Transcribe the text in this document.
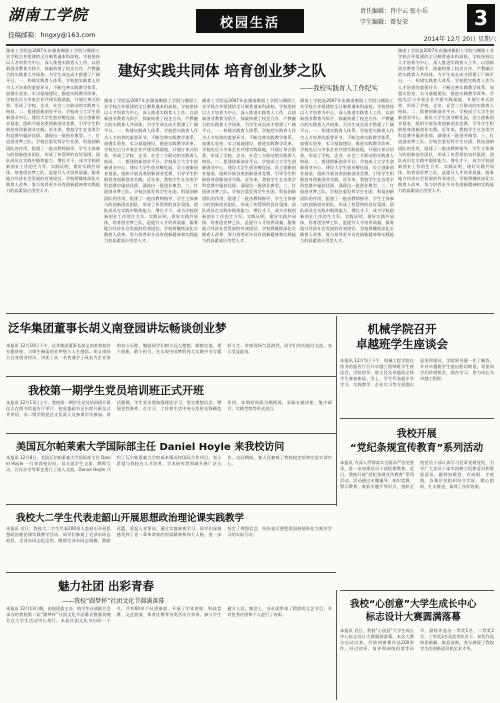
湖南工学院
投稿邮箱：hngxy@163.com
校园生活
责任编辑：肖中云 张小乐
学生编辑：曾发荣	3
2014年 12月 20日 星期六
建好实践共同体 培育创业梦之队
——我校实践育人工作纪实
湖南工学院是2007年由湖南衡阳工学院与衡阳工业学校合并组建的全日制普通本科高校。学校坚持以人才培养为中心，深入推进实践育人工作，以创新创业教育为抓手，探索构建了校企合作、产教融合的实践育人共同体，为学生成长成才搭建了广阔平台。一、构建实践育人体系。学校把实践育人作为人才培养的重要环节，不断完善实践教学体系，加强实验室、实习基地建设，推进实践教学改革。学校先后与多家企业共建实践基地，开展订单式培养，形成了学校、企业、社会三方联动的实践育人格局。二、搭建创新创业平台。学校成立大学生创新创业中心，建设大学生创业孵化园，设立创新创业基金，组织开展各类创新创业竞赛，引导学生积极投身创新创业实践。近年来，我校学生在各类学科竞赛中屡获佳绩，涌现出一批创业典型。三、打造创业梦之队。学校注重发挥学生社团、科技创新团队的作用，组建了一批由教师指导、学生主体参与的创新创业团队，形成了传帮带的良好氛围。团队成员在实践中锻炼能力、增长才干，成为学校创新创业工作的生力军。实践证明，建好实践共同体，培育创业梦之队，是提升人才培养质量、服务地方经济社会发展的有效途径。学校将继续深化实践育人改革，努力培养更多具有创新精神和实践能力的高素质应用型人才。
湖南工学院是2007年由湖南衡阳工学院与衡阳工业学校合并组建的全日制普通本科高校。学校坚持以人才培养为中心，深入推进实践育人工作，以创新创业教育为抓手，探索构建了校企合作、产教融合的实践育人共同体，为学生成长成才搭建了广阔平台。一、构建实践育人体系。学校把实践育人作为人才培养的重要环节，不断完善实践教学体系，加强实验室、实习基地建设，推进实践教学改革。学校先后与多家企业共建实践基地，开展订单式培养，形成了学校、企业、社会三方联动的实践育人格局。二、搭建创新创业平台。学校成立大学生创新创业中心，建设大学生创业孵化园，设立创新创业基金，组织开展各类创新创业竞赛，引导学生积极投身创新创业实践。近年来，我校学生在各类学科竞赛中屡获佳绩，涌现出一批创业典型。三、打造创业梦之队。学校注重发挥学生社团、科技创新团队的作用，组建了一批由教师指导、学生主体参与的创新创业团队，形成了传帮带的良好氛围。团队成员在实践中锻炼能力、增长才干，成为学校创新创业工作的生力军。实践证明，建好实践共同体，培育创业梦之队，是提升人才培养质量、服务地方经济社会发展的有效途径。学校将继续深化实践育人改革，努力培养更多具有创新精神和实践能力的高素质应用型人才。
湖南工学院是2007年由湖南衡阳工学院与衡阳工业学校合并组建的全日制普通本科高校。学校坚持以人才培养为中心，深入推进实践育人工作，以创新创业教育为抓手，探索构建了校企合作、产教融合的实践育人共同体，为学生成长成才搭建了广阔平台。一、构建实践育人体系。学校把实践育人作为人才培养的重要环节，不断完善实践教学体系，加强实验室、实习基地建设，推进实践教学改革。学校先后与多家企业共建实践基地，开展订单式培养，形成了学校、企业、社会三方联动的实践育人格局。二、搭建创新创业平台。学校成立大学生创新创业中心，建设大学生创业孵化园，设立创新创业基金，组织开展各类创新创业竞赛，引导学生积极投身创新创业实践。近年来，我校学生在各类学科竞赛中屡获佳绩，涌现出一批创业典型。三、打造创业梦之队。学校注重发挥学生社团、科技创新团队的作用，组建了一批由教师指导、学生主体参与的创新创业团队，形成了传帮带的良好氛围。团队成员在实践中锻炼能力、增长才干，成为学校创新创业工作的生力军。实践证明，建好实践共同体，培育创业梦之队，是提升人才培养质量、服务地方经济社会发展的有效途径。学校将继续深化实践育人改革，努力培养更多具有创新精神和实践能力的高素质应用型人才。
湖南工学院是2007年由湖南衡阳工学院与衡阳工业学校合并组建的全日制普通本科高校。学校坚持以人才培养为中心，深入推进实践育人工作，以创新创业教育为抓手，探索构建了校企合作、产教融合的实践育人共同体，为学生成长成才搭建了广阔平台。一、构建实践育人体系。学校把实践育人作为人才培养的重要环节，不断完善实践教学体系，加强实验室、实习基地建设，推进实践教学改革。学校先后与多家企业共建实践基地，开展订单式培养，形成了学校、企业、社会三方联动的实践育人格局。二、搭建创新创业平台。学校成立大学生创新创业中心，建设大学生创业孵化园，设立创新创业基金，组织开展各类创新创业竞赛，引导学生积极投身创新创业实践。近年来，我校学生在各类学科竞赛中屡获佳绩，涌现出一批创业典型。三、打造创业梦之队。学校注重发挥学生社团、科技创新团队的作用，组建了一批由教师指导、学生主体参与的创新创业团队，形成了传帮带的良好氛围。团队成员在实践中锻炼能力、增长才干，成为学校创新创业工作的生力军。实践证明，建好实践共同体，培育创业梦之队，是提升人才培养质量、服务地方经济社会发展的有效途径。学校将继续深化实践育人改革，努力培养更多具有创新精神和实践能力的高素质应用型人才。
湖南工学院是2007年由湖南衡阳工学院与衡阳工业学校合并组建的全日制普通本科高校。学校坚持以人才培养为中心，深入推进实践育人工作，以创新创业教育为抓手，探索构建了校企合作、产教融合的实践育人共同体，为学生成长成才搭建了广阔平台。一、构建实践育人体系。学校把实践育人作为人才培养的重要环节，不断完善实践教学体系，加强实验室、实习基地建设，推进实践教学改革。学校先后与多家企业共建实践基地，开展订单式培养，形成了学校、企业、社会三方联动的实践育人格局。二、搭建创新创业平台。学校成立大学生创新创业中心，建设大学生创业孵化园，设立创新创业基金，组织开展各类创新创业竞赛，引导学生积极投身创新创业实践。近年来，我校学生在各类学科竞赛中屡获佳绩，涌现出一批创业典型。三、打造创业梦之队。学校注重发挥学生社团、科技创新团队的作用，组建了一批由教师指导、学生主体参与的创新创业团队，形成了传帮带的良好氛围。团队成员在实践中锻炼能力、增长才干，成为学校创新创业工作的生力军。实践证明，建好实践共同体，培育创业梦之队，是提升人才培养质量、服务地方经济社会发展的有效途径。学校将继续深化实践育人改革，努力培养更多具有创新精神和实践能力的高素质应用型人才。
泛华集团董事长胡义南登园讲坛畅谈创业梦
本报讯 12月10日下午，泛华集团董事长胡义南来我校作专题讲座，与师生畅谈创业梦想与人生感悟。胡义南结合自身创业经历，讲述了从一名普通学子成长为企业家的奋斗历程，勉励同学们树立远大理想，脚踏实地，勇于创新，敢于担当，在实现中国梦的伟大实践中书写精彩人生。讲座现场气氛热烈，同学们纷纷提问交流，表示受益匪浅。
机械学院召开
卓越班学生座谈会
本报讯 12月5日下午，机械工程学院在图书馆报告厅召开卓越工程师班学生座谈会。学院领导、班主任及卓越班全体学生参加座谈。会上，学生代表就专业学习、实践教学、企业实习等方面提出意见和建议，学院领导逐一作了解答，并对卓越班学生提出殷切期望，希望同学们珍惜机会，刻苦学习，努力成长为卓越工程师。
我校第一期学生党员培训班正式开班
本报讯 12月13日上午，我校第一期学生党员培训班开班仪式在图书馆报告厅举行。校党委副书记出席开班仪式并讲话，各二级学院党总支负责人及参训学员参加。讲话强调，学生党员要加强理论学习，坚定理想信念，增强党性修养，在学习、工作和生活中充分发挥先锋模范作用。本期培训班为期两周，采取专题讲座、集中研讨、实践考察等形式进行。
我校开展
“党纪条规宣传教育”系列活动
本报讯 为深入贯彻落实全面从严治党要求，进一步加强党员干部纪律教育，近日，我校开展“党纪条规宣传教育”系列活动。活动通过专题辅导、知识竞赛、警示教育、观看专题片等形式，组织全校党员干部认真学习党章党规党纪，引导广大党员干部牢固树立纪律意识和规矩意识，做到知敬畏、存戒惧、守底线。各基层党组织结合实际，精心组织，扎实推进，取得了良好效果。
美国瓦尔帕莱索大学国际部主任 Daniel Hoyle 来我校访问
本报讯 12月8日，美国瓦尔帕莱索大学国际部主任 Daniel Hoyle 一行来我校访问。双方就学生交流、教师互访、合作办学等事宜进行了深入交流。Daniel Hoyle 介绍了瓦尔帕莱索大学的基本情况和国际合作项目，表示希望与我校在人才培养、学术研究等领域开展广泛合作。访问期间，客人还参观了我校校史馆和实验实训中心。
我校大二学生代表走韶山开展思想政治理论课实践教学
本报讯 近日，我校大二学生代表200余人赴韶山开展思想政治理论课实践教学活动。同学们参观了毛泽东同志故居、毛泽东同志纪念馆，瞻仰毛泽东同志铜像，敬献花篮，重温入党誓词。通过实地参观学习，同学们深刻感受到了老一辈革命家的崇高精神和伟大人格，进一步坚定了理想信念，纷纷表示要把爱国热情转化为刻苦学习的实际行动。
魅力社团 出彩青春
——我校“圆梦杯”社团文化节圆满落幕
本报讯 12月13日晚，由校团委主办、校学生社团联合会承办的我校第二届“圆梦杯”社团文化节闭幕式暨颁奖晚会在大学生活动中心举行。本届社团文化节历时一个月，共有60余个社团参加，开展了学术讲座、科技竞赛、文艺展演、体育比赛等各类活动百余场，参与学生逾万人次。晚会上，各社团带来了精彩的文艺节目，并对优秀社团和个人进行了表彰。
我校“心创意”大学生成长中心
标志设计大赛圆满落幕
本报讯 近日，我校“心创意”大学生成长中心标志设计大赛圆满落幕。本次大赛自启动以来，共收到参赛作品200余件。经过初评、复评和网络投票等环节，最终评选出一等奖1名、二等奖2名、三等奖3名及优秀奖若干。获奖作品构思新颖、寓意深刻，充分展现了我校学生的创新意识和艺术才华。
